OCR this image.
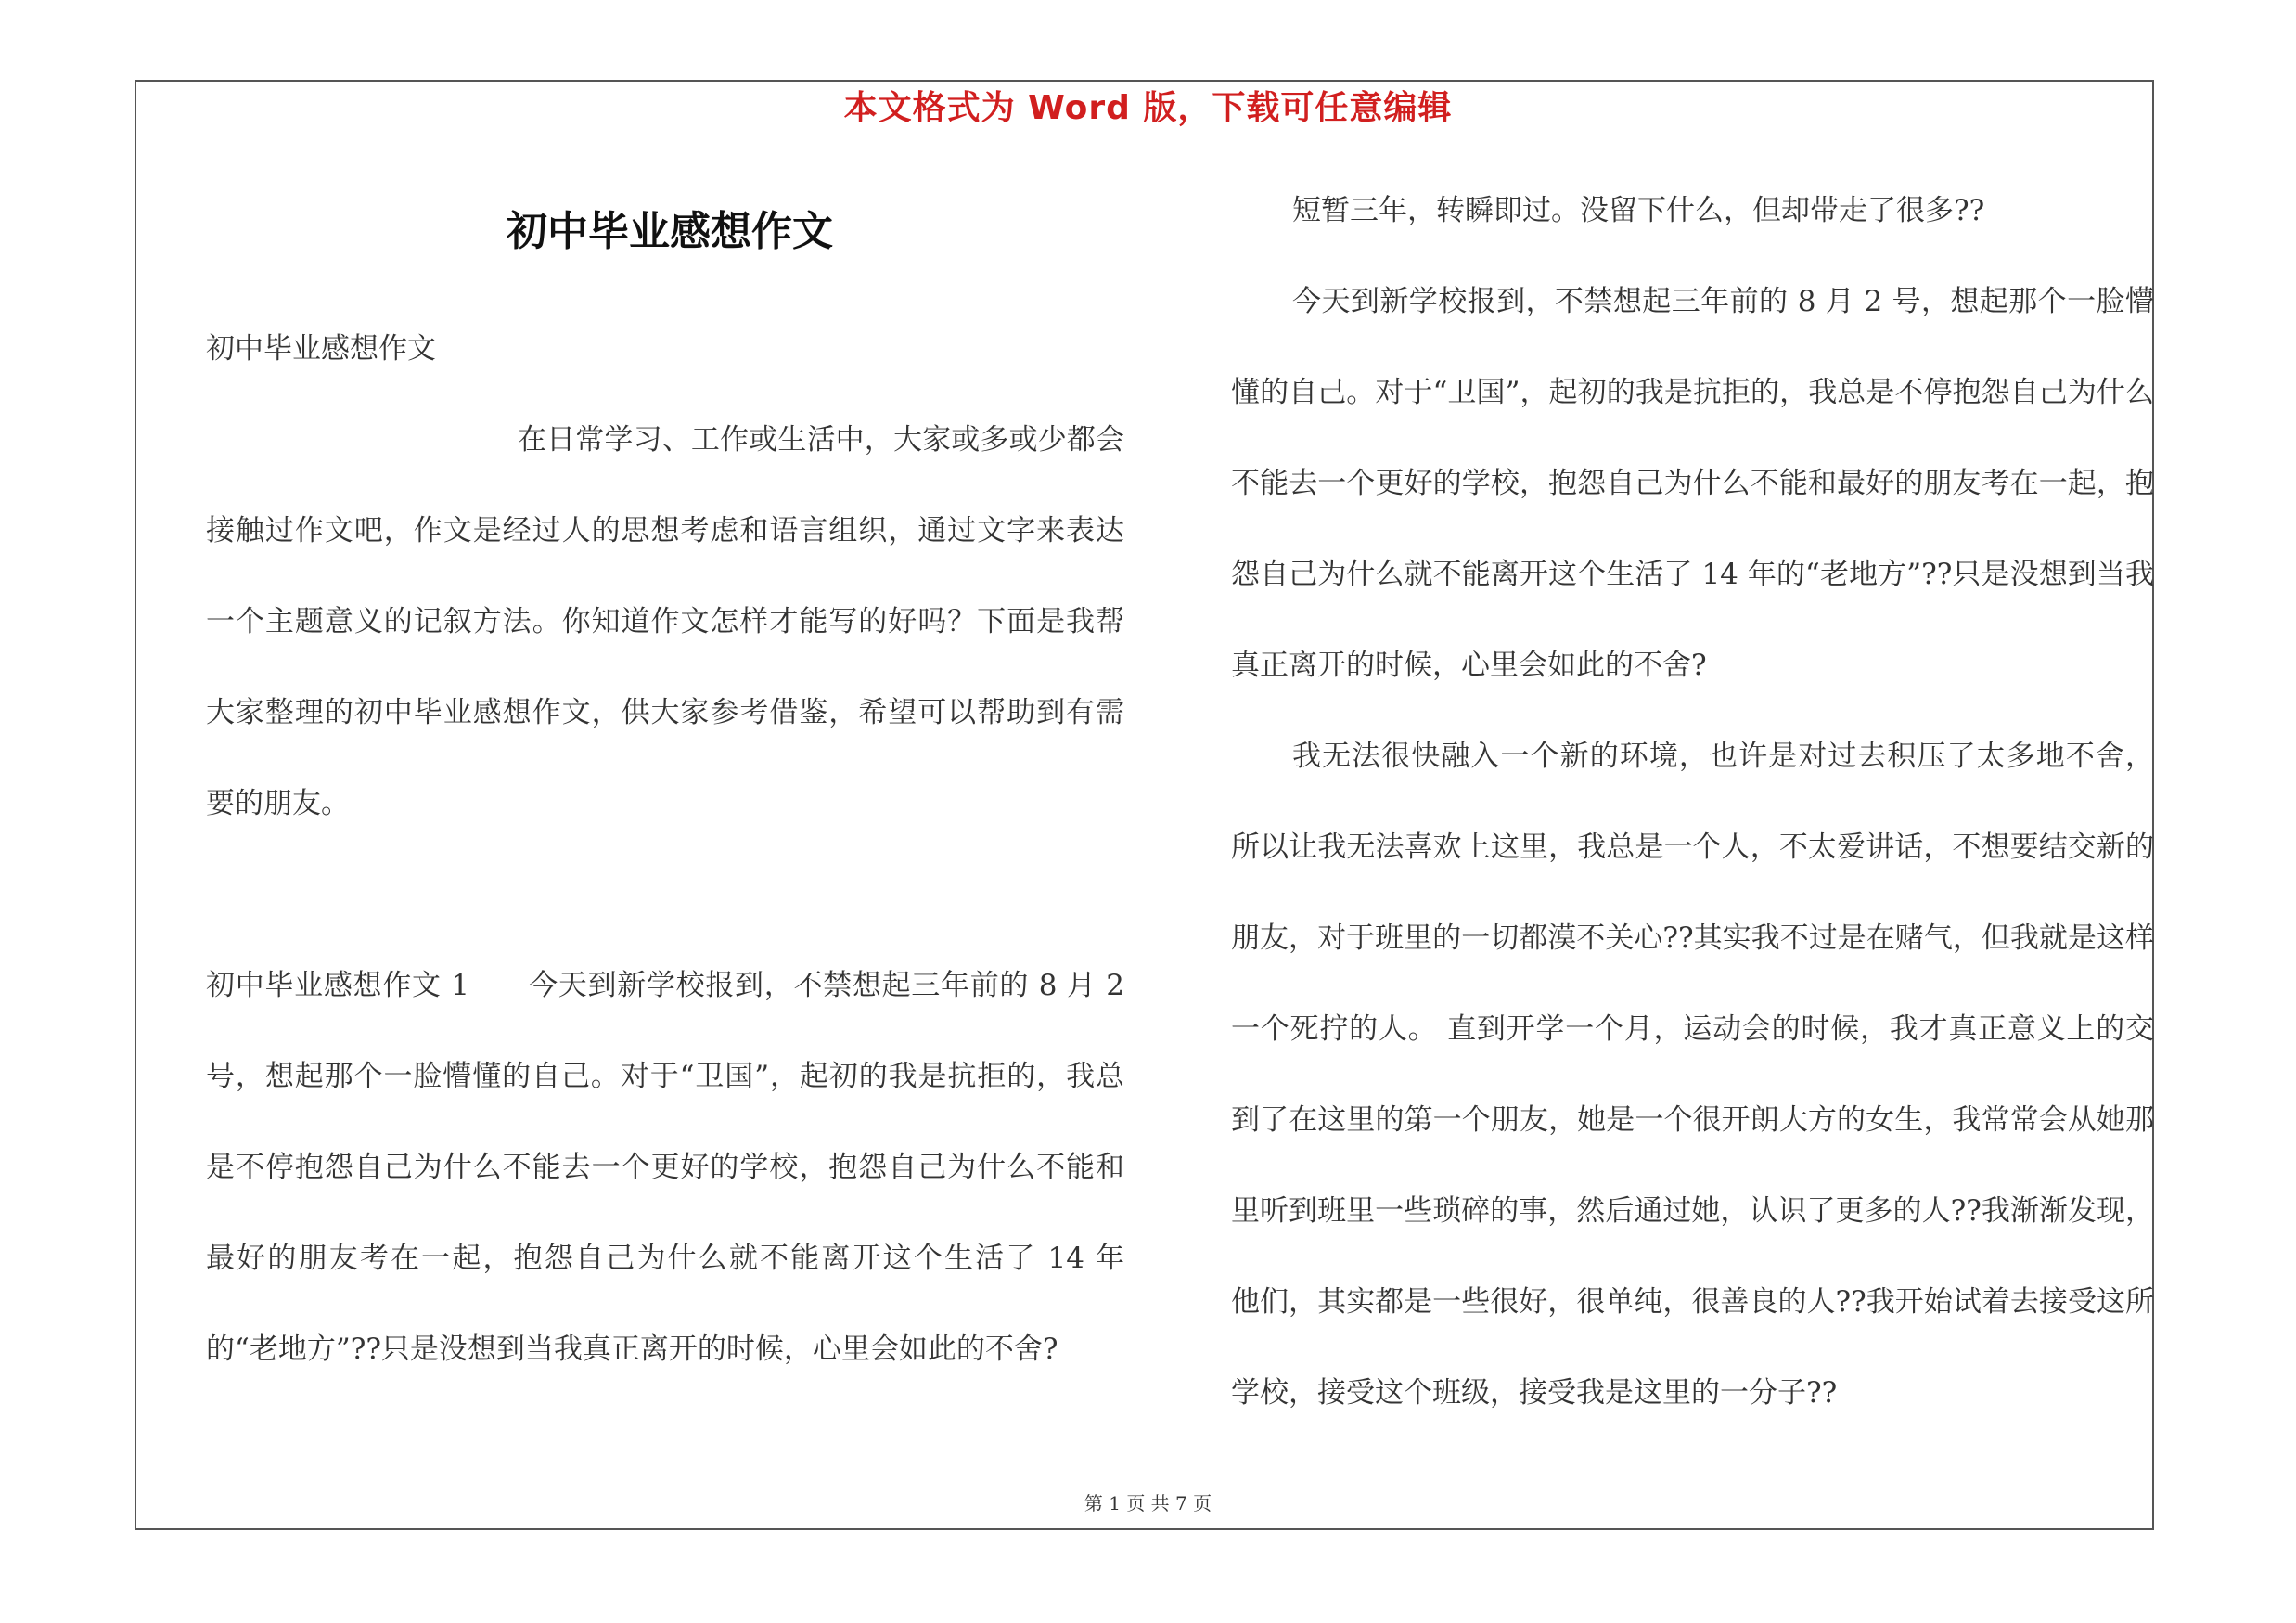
本文格式为 Word 版，下载可任意编辑
初中毕业感想作文

初中毕业感想作文

在日常学习、工作或生活中，大家或多或少都会接触过作文吧，作文是经过人的思想考虑和语言组织，通过文字来表达一个主题意义的记叙方法。你知道作文怎样才能写的好吗？下面是我帮大家整理的初中毕业感想作文，供大家参考借鉴，希望可以帮助到有需要的朋友。

初中毕业感想作文 1　　今天到新学校报到，不禁想起三年前的 8 月 2 号，想起那个一脸懵懂的自己。对于“卫国”，起初的我是抗拒的，我总是不停抱怨自己为什么不能去一个更好的学校，抱怨自己为什么不能和最好的朋友考在一起，抱怨自己为什么就不能离开这个生活了 14 年的“老地方”??只是没想到当我真正离开的时候，心里会如此的不舍?

短暂三年，转瞬即过。没留下什么，但却带走了很多??

今天到新学校报到，不禁想起三年前的 8 月 2 号，想起那个一脸懵懂的自己。对于“卫国”，起初的我是抗拒的，我总是不停抱怨自己为什么不能去一个更好的学校，抱怨自己为什么不能和最好的朋友考在一起，抱怨自己为什么就不能离开这个生活了 14 年的“老地方”??只是没想到当我真正离开的时候，心里会如此的不舍?

我无法很快融入一个新的环境，也许是对过去积压了太多地不舍，所以让我无法喜欢上这里，我总是一个人，不太爱讲话，不想要结交新的朋友，对于班里的一切都漠不关心??其实我不过是在赌气，但我就是这样一个死拧的人。 直到开学一个月，运动会的时候，我才真正意义上的交到了在这里的第一个朋友，她是一个很开朗大方的女生，我常常会从她那里听到班里一些琐碎的事，然后通过她，认识了更多的人??我渐渐发现，他们，其实都是一些很好，很单纯，很善良的人??我开始试着去接受这所学校，接受这个班级，接受我是这里的一分子??

第 1 页 共 7 页
